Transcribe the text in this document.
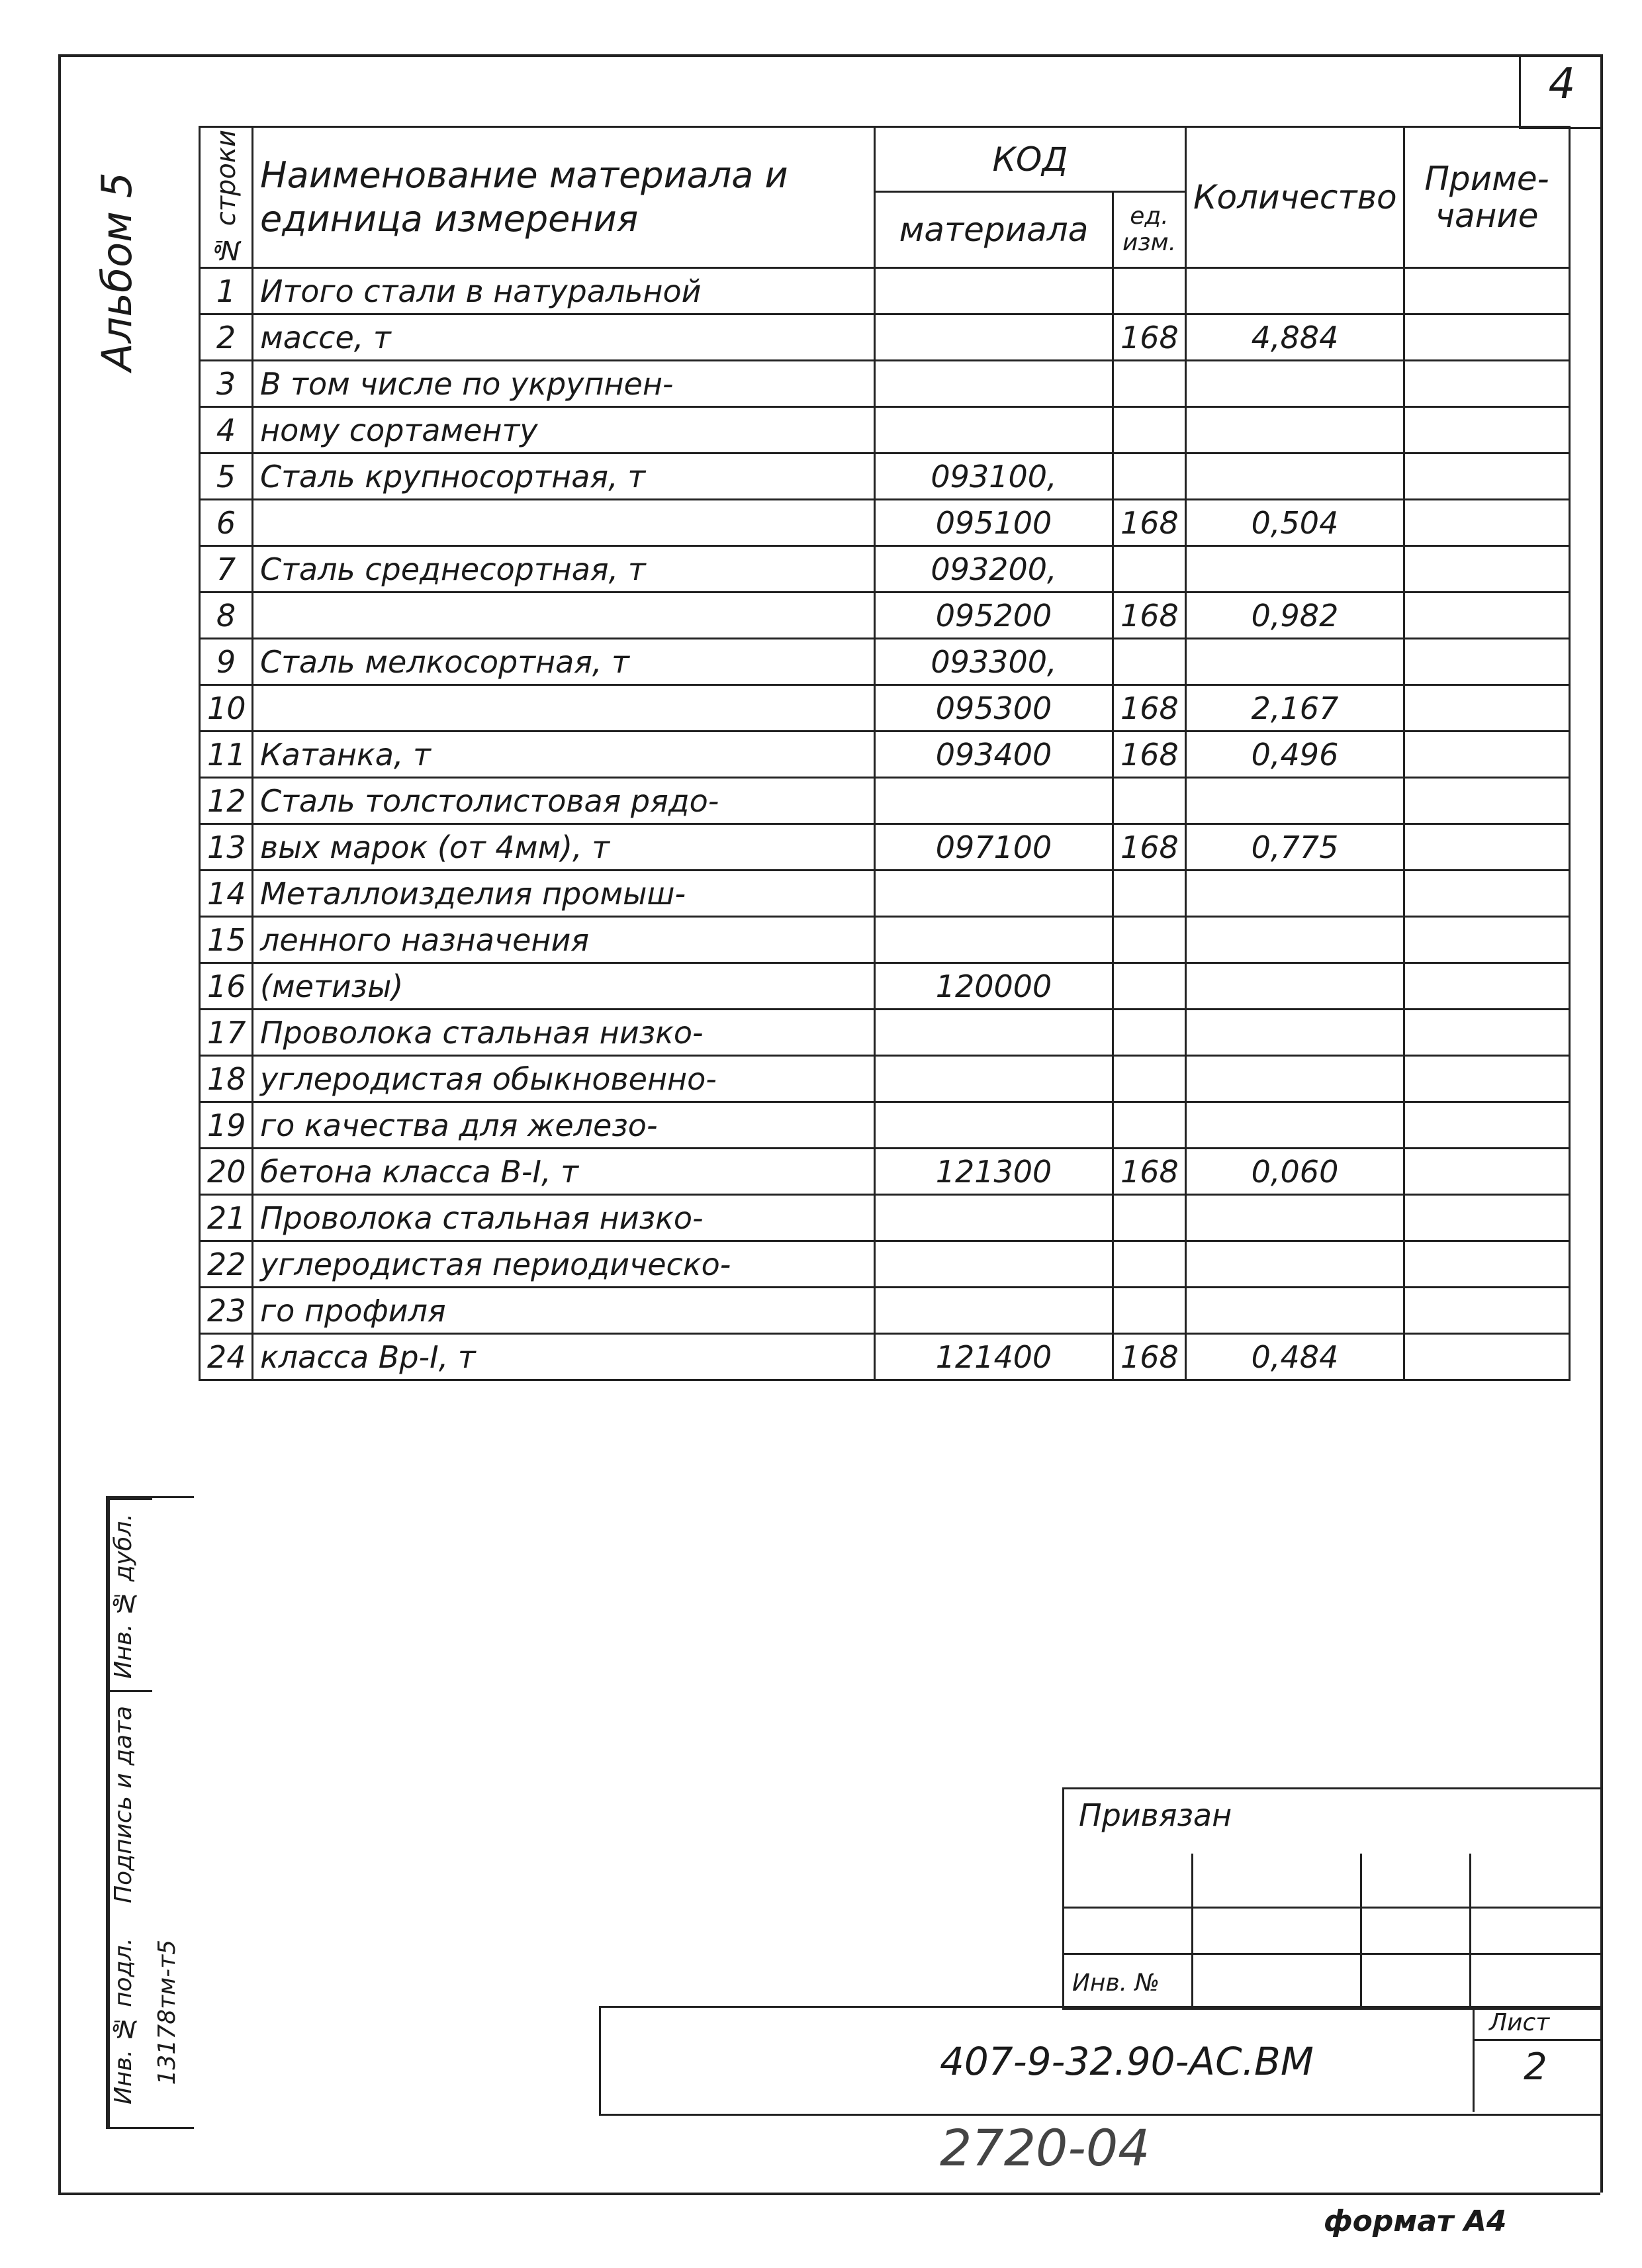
4
Альбом 5	№ строки	Наименование материала и единица измерения	КОД		Количество	Приме- чание
		материала	ед. изм.		
1	Итого стали в натуральной				
2	массе, т		168	4,884	
3	В том числе по укрупнен-				
4	ному сортаменту				
5	Сталь крупносортная, т	093100,			
6		095100	168	0,504	
7	Сталь среднесортная, т	093200,			
8		095200	168	0,982	
9	Сталь мелкосортная, т	093300,			
10		095300	168	2,167	
11	Катанка, т	093400	168	0,496	
12	Сталь толстолистовая рядо-				
13	вых марок (от 4мм), т	097100	168	0,775	
14	Металлоизделия промыш-				
15	ленного назначения				
16	(метизы)	120000			
17	Проволока стальная низко-				
18	углеродистая обыкновенно-				
19	го качества для железо-				
20	бетона класса В-I, т	121300	168	0,060	
21	Проволока стальная низко-				
22	углеродистая периодическо-				
23	го профиля				
24	класса Вр-I, т	121400	168	0,484	
Инв. № дубл.
Подпись и дата
Инв. № подл. 13178тм-т5
Привязан
Инв. №
407-9-32.90-АС.ВМ
Лист
2
2720-04
формат А4
